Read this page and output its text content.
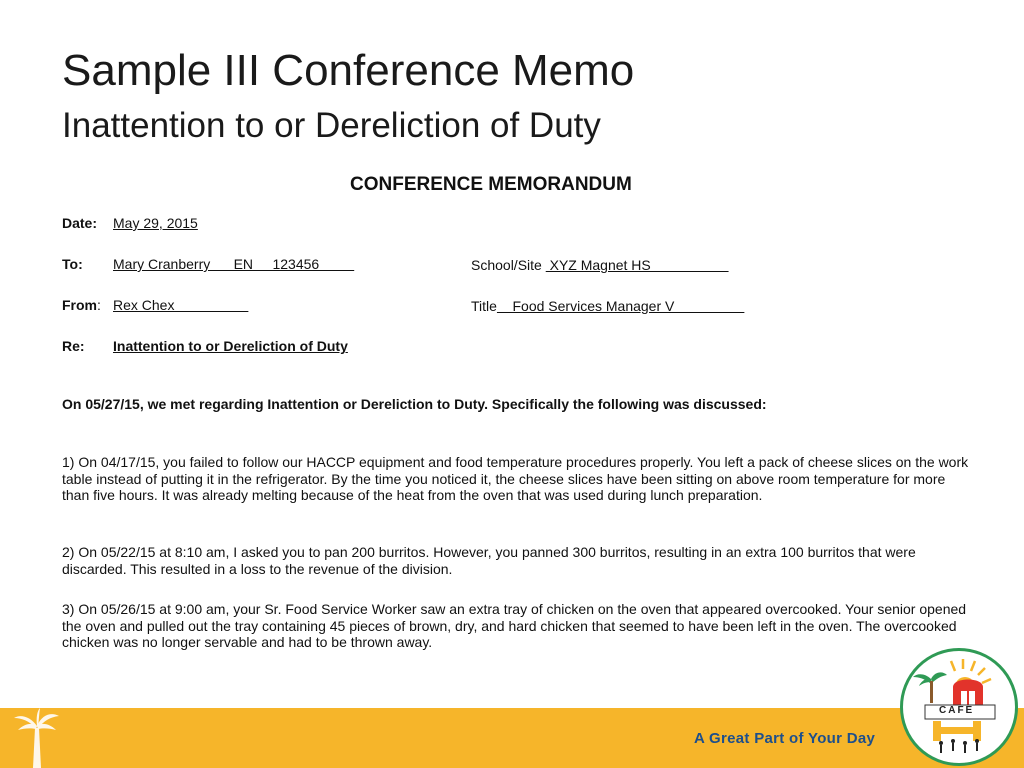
Sample III Conference Memo
Inattention to or Dereliction of Duty
CONFERENCE MEMORANDUM
Date: May 29, 2015
To: Mary Cranberry      EN     123456	School/Site  XYZ Magnet HS
From: Rex Chex	Title    Food Services Manager V
Re: Inattention to or Dereliction of Duty
On 05/27/15, we met regarding Inattention or Dereliction to Duty. Specifically the following was discussed:
1) On 04/17/15, you failed to follow our HACCP equipment and food temperature procedures properly. You left a pack of cheese slices on the work table instead of putting it in the refrigerator. By the time you noticed it, the cheese slices have been sitting on above room temperature for more than five hours. It was already melting because of the heat from the oven that was used during lunch preparation.
2) On 05/22/15 at 8:10 am, I asked you to pan 200 burritos. However, you panned 300 burritos, resulting in an extra 100 burritos that were discarded. This resulted in a loss to the revenue of the division.
3) On 05/26/15 at 9:00 am, your Sr. Food Service Worker saw an extra tray of chicken on the oven that appeared overcooked. Your senior opened the oven and pulled out the tray containing 45 pieces of brown, dry, and hard chicken that seemed to have been left in the oven. The overcooked chicken was no longer servable and had to be thrown away.
A Great Part of Your Day
CAFE
